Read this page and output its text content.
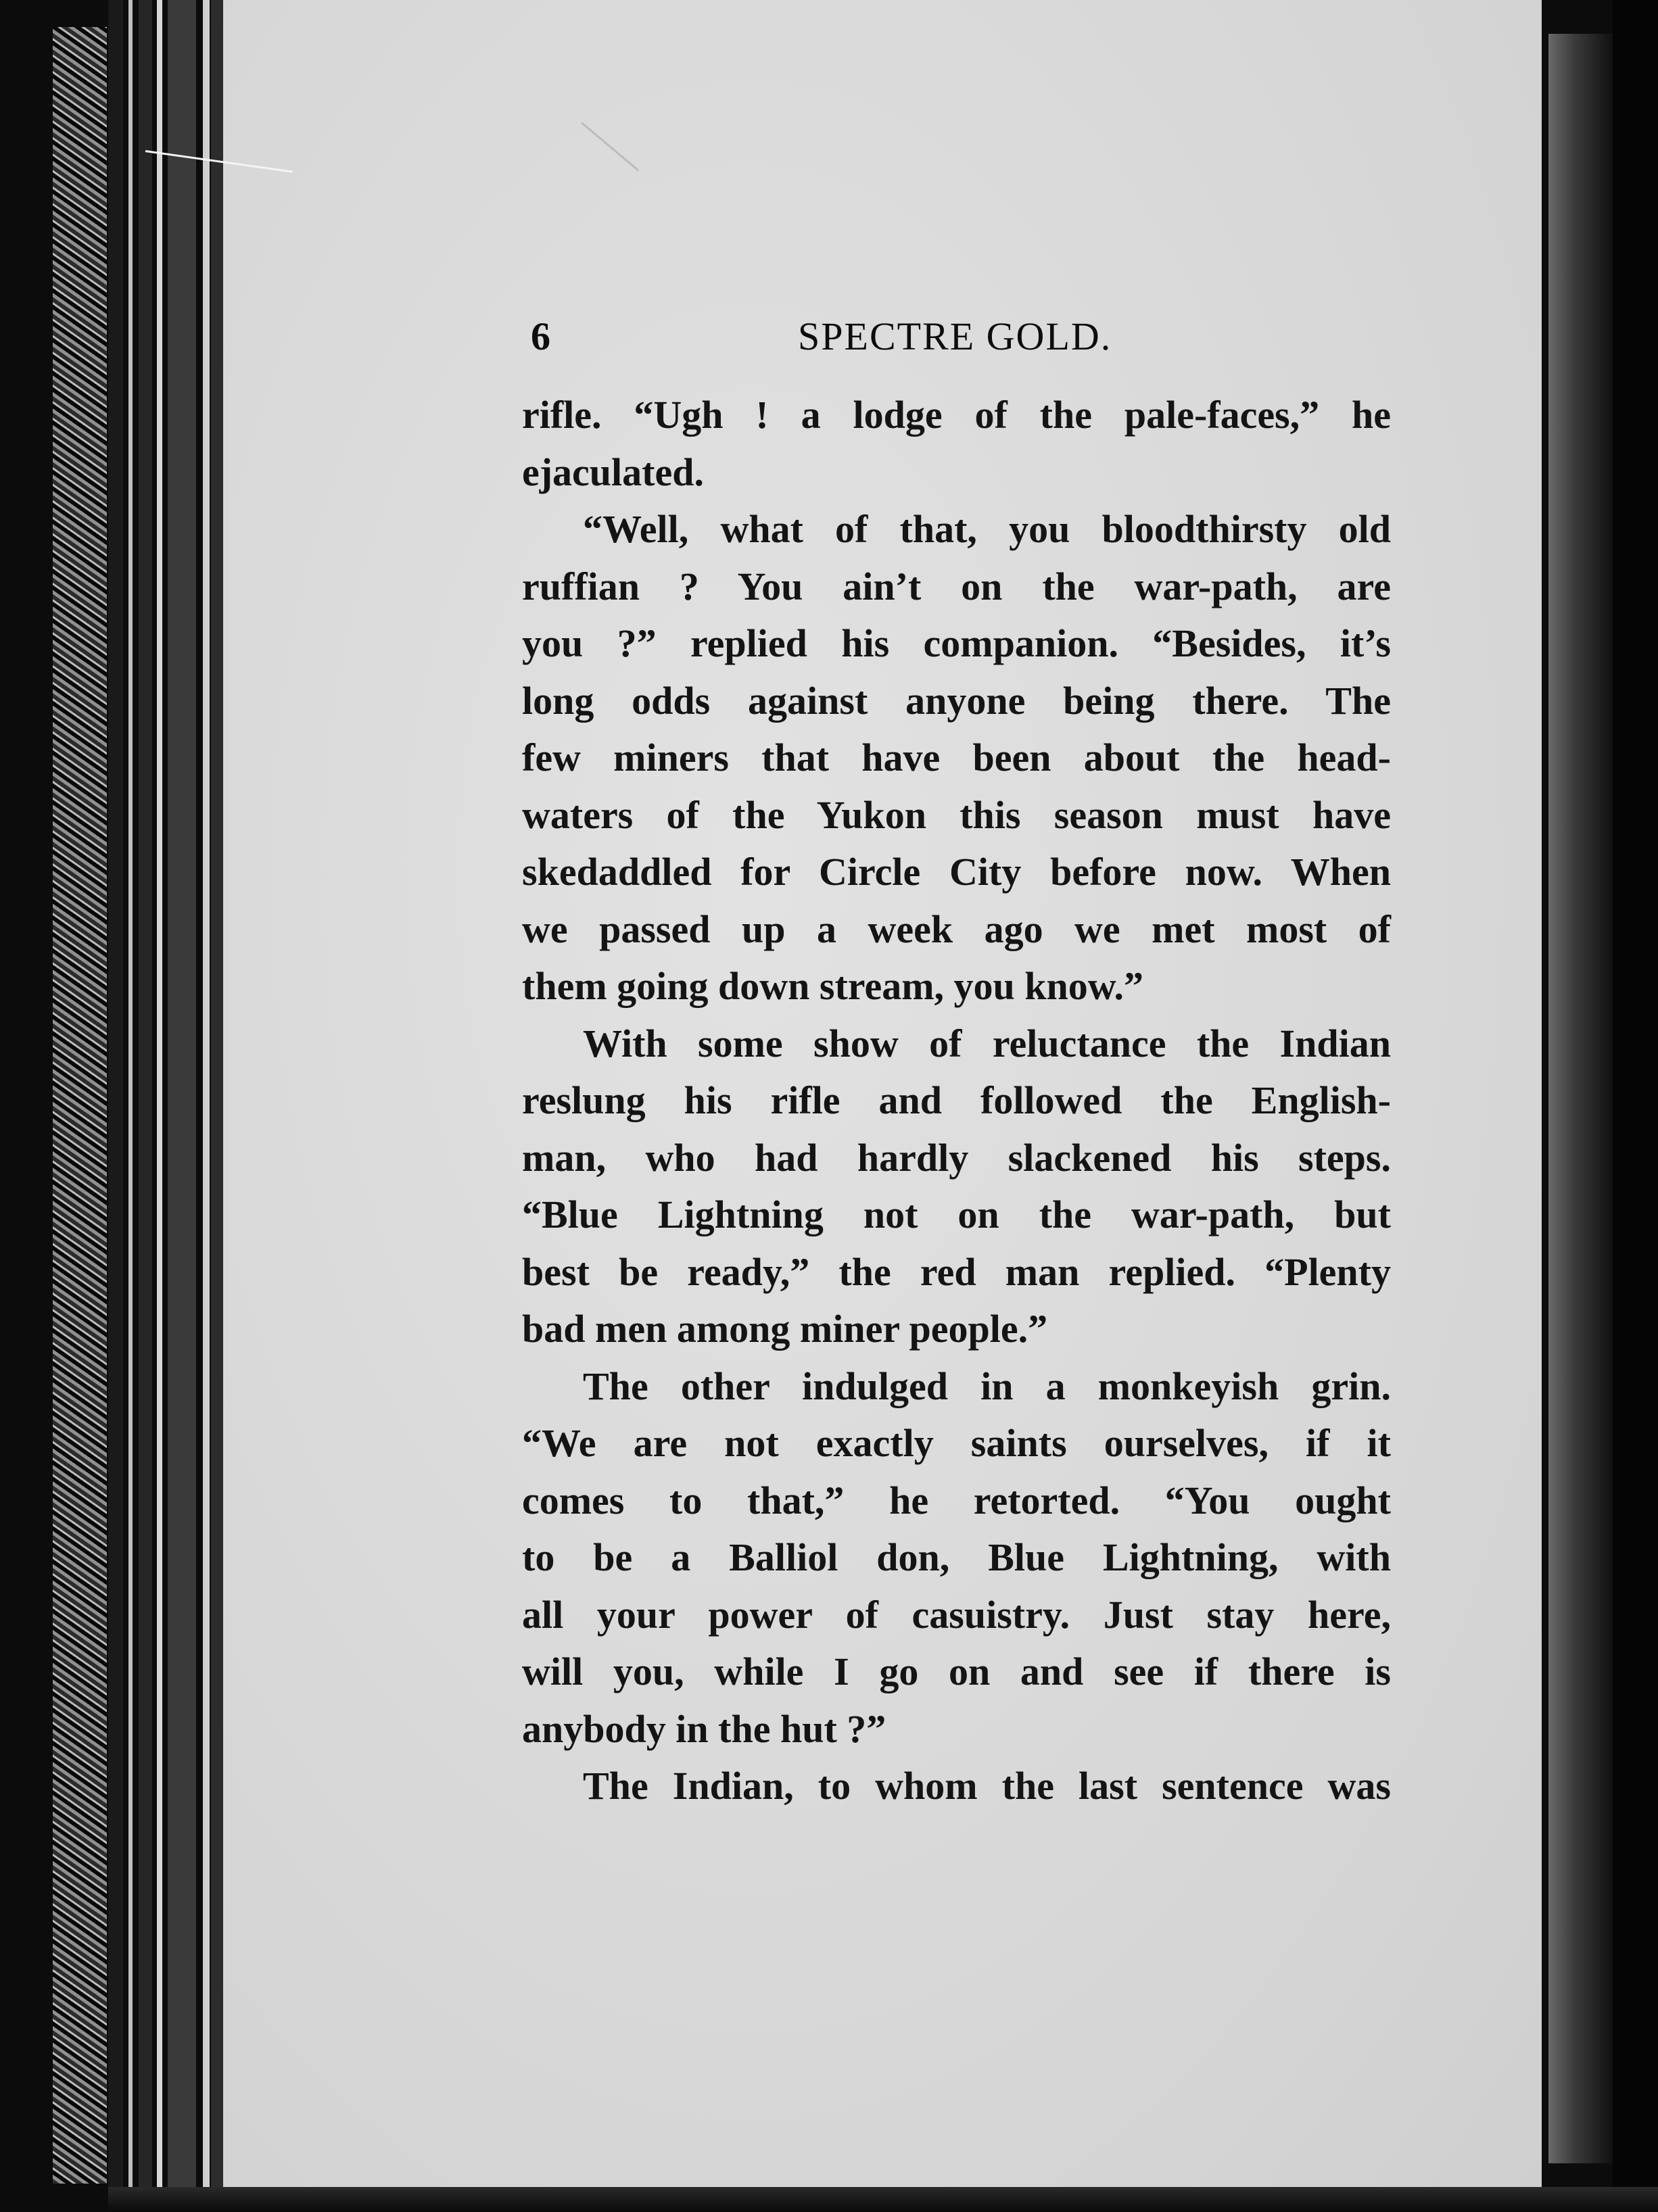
6	SPECTRE GOLD.
rifle. “Ugh ! a lodge of the pale-faces,” he
ejaculated.
“Well, what of that, you bloodthirsty old
ruffian ? You ain’t on the war-path, are
you ?” replied his companion. “Besides, it’s
long odds against anyone being there. The
few miners that have been about the head-
waters of the Yukon this season must have
skedaddled for Circle City before now. When
we passed up a week ago we met most of
them going down stream, you know.”
With some show of reluctance the Indian
reslung his rifle and followed the English-
man, who had hardly slackened his steps.
“Blue Lightning not on the war-path, but
best be ready,” the red man replied. “Plenty
bad men among miner people.”
The other indulged in a monkeyish grin.
“We are not exactly saints ourselves, if it
comes to that,” he retorted. “You ought
to be a Balliol don, Blue Lightning, with
all your power of casuistry. Just stay here,
will you, while I go on and see if there is
anybody in the hut ?”
The Indian, to whom the last sentence was
